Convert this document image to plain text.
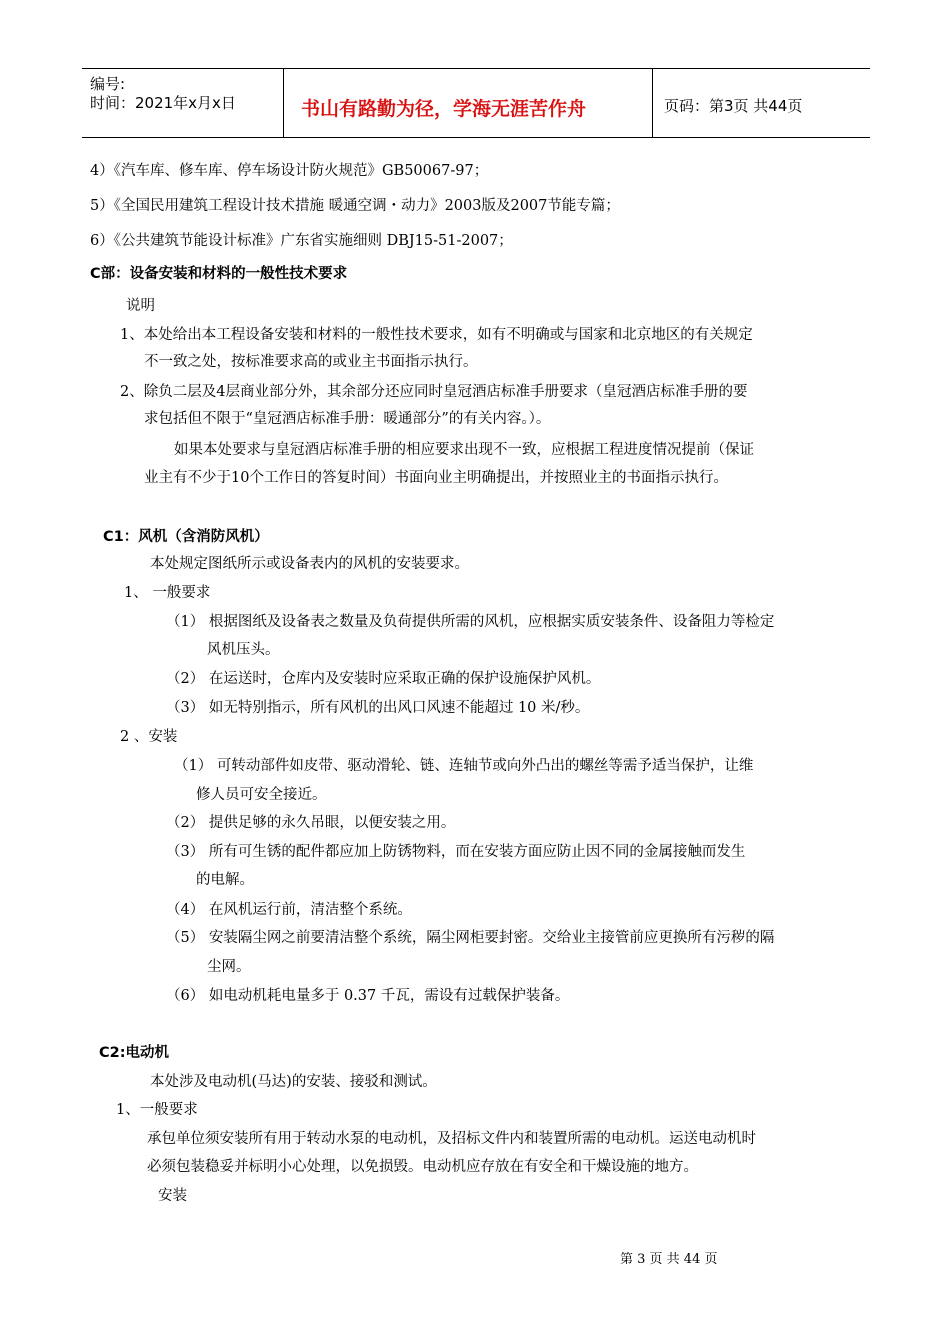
编号:
时间：2021年x月x日	书山有路勤为径，学海无涯苦作舟	页码：第3页 共44页
4）《汽车库、修车库、停车场设计防火规范》GB50067-97；
5）《全国民用建筑工程设计技术措施 暖通空调・动力》2003版及2007节能专篇；
6）《公共建筑节能设计标准》广东省实施细则 DBJ15-51-2007；
C部：设备安装和材料的一般性技术要求
说明
1、本处给出本工程设备安装和材料的一般性技术要求，如有不明确或与国家和北京地区的有关规定
不一致之处，按标准要求高的或业主书面指示执行。
2、除负二层及4层商业部分外，其余部分还应同时皇冠酒店标准手册要求（皇冠酒店标准手册的要
求包括但不限于“皇冠酒店标准手册：暖通部分”的有关内容。）。
如果本处要求与皇冠酒店标准手册的相应要求出现不一致，应根据工程进度情况提前（保证
业主有不少于10个工作日的答复时间）书面向业主明确提出，并按照业主的书面指示执行。
C1：风机（含消防风机）
本处规定图纸所示或设备表内的风机的安装要求。
1、 一般要求
（1） 根据图纸及设备表之数量及负荷提供所需的风机，应根据实质安装条件、设备阻力等检定
风机压头。
（2） 在运送时，仓库内及安装时应采取正确的保护设施保护风机。
（3） 如无特别指示，所有风机的出风口风速不能超过 10 米/秒。
2 、安装
（1） 可转动部件如皮带、驱动滑轮、链、连轴节或向外凸出的螺丝等需予适当保护，让维
修人员可安全接近。
（2） 提供足够的永久吊眼，以便安装之用。
（3） 所有可生锈的配件都应加上防锈物料，而在安装方面应防止因不同的金属接触而发生
的电解。
（4） 在风机运行前，清洁整个系统。
（5） 安装隔尘网之前要清洁整个系统，隔尘网柜要封密。交给业主接管前应更换所有污秽的隔
尘网。
（6） 如电动机耗电量多于 0.37 千瓦，需设有过载保护装备。
C2:电动机
本处涉及电动机(马达)的安装、接驳和测试。
1、一般要求
承包单位须安装所有用于转动水泵的电动机，及招标文件内和装置所需的电动机。运送电动机时
必须包装稳妥并标明小心处理，以免损毁。电动机应存放在有安全和干燥设施的地方。
安装
第 3 页 共 44 页
